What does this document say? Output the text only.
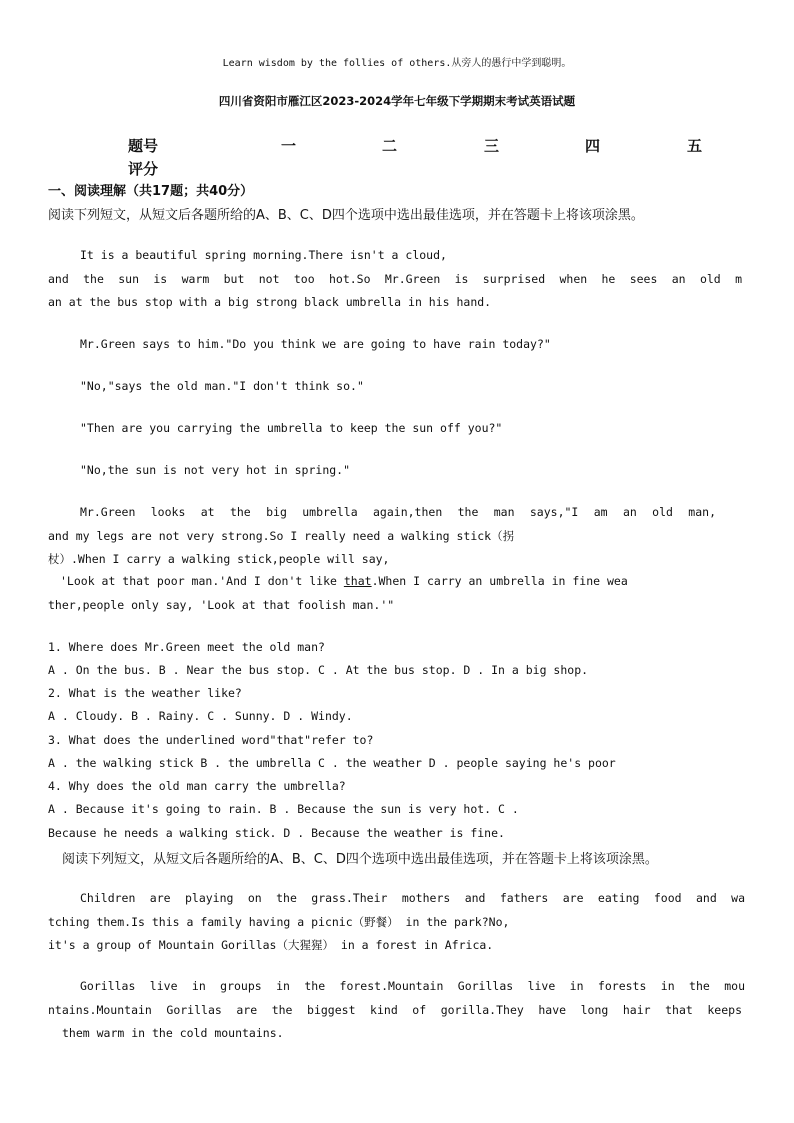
Learn wisdom by the follies of others.从旁人的愚行中学到聪明。
四川省资阳市雁江区2023-2024学年七年级下学期期末考试英语试题
题号	一	二	三	四	五
评分
一、阅读理解（共17题；共40分）
阅读下列短文，从短文后各题所给的A、B、C、D四个选项中选出最佳选项，并在答题卡上将该项涂黑。
It is a beautiful spring morning.There isn't a cloud,
and the sun is warm but not too hot.So Mr.Green is surprised when he sees an old m
an at the bus stop with a big strong black umbrella in his hand.
Mr.Green says to him."Do you think we are going to have rain today?"
"No,"says the old man."I don't think so."
"Then are you carrying the umbrella to keep the sun off you?"
"No,the sun is not very hot in spring."
Mr.Green looks at the big umbrella again,then the man says,"I am an old man,
and my legs are not very strong.So I really need a walking stick（拐
杖）.When I carry a walking stick,people will say,
'Look at that poor man.'And I don't like that.When I carry an umbrella in fine wea
ther,people only say, 'Look at that foolish man.'"
1. Where does Mr.Green meet the old man?
A . On the bus. B . Near the bus stop. C . At the bus stop. D . In a big shop.
2. What is the weather like?
A . Cloudy. B . Rainy. C . Sunny. D . Windy.
3. What does the underlined word"that"refer to?
A . the walking stick B . the umbrella C . the weather D . people saying he's poor
4. Why does the old man carry the umbrella?
A . Because it's going to rain. B . Because the sun is very hot. C .
Because he needs a walking stick. D . Because the weather is fine.
阅读下列短文，从短文后各题所给的A、B、C、D四个选项中选出最佳选项，并在答题卡上将该项涂黑。
Children are playing on the grass.Their mothers and fathers are eating food and wa
tching them.Is this a family having a picnic（野餐） in the park?No,
it's a group of Mountain Gorillas（大猩猩） in a forest in Africa.
Gorillas live in groups in the forest.Mountain Gorillas live in forests in the mou
ntains.Mountain Gorillas are the biggest kind of gorilla.They have long hair that keeps
them warm in the cold mountains.
